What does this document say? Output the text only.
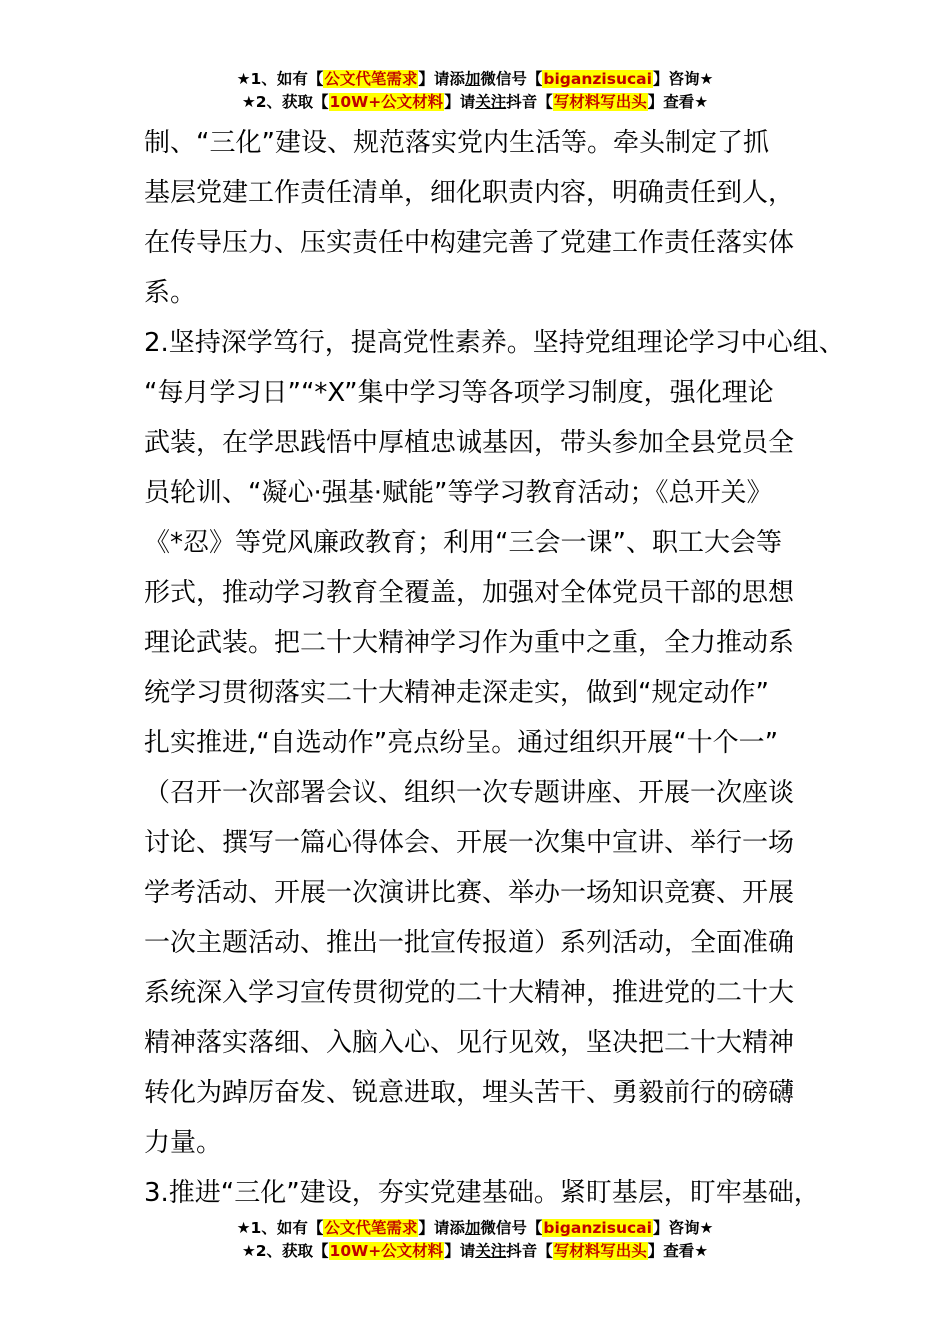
★1、如有【公文代笔需求】请添加微信号【biganzisucai】咨询★
★2、获取【10W+公文材料】请关注抖音【写材料写出头】查看★
制、“三化”建设、规范落实党内生活等。牵头制定了抓
基层党建工作责任清单，细化职责内容，明确责任到人，
在传导压力、压实责任中构建完善了党建工作责任落实体
系。
2.坚持深学笃行，提高党性素养。坚持党组理论学习中心组、
“每月学习日”“*X”集中学习等各项学习制度，强化理论
武装，在学思践悟中厚植忠诚基因，带头参加全县党员全
员轮训、“凝心·强基·赋能”等学习教育活动；《总开关》
《*忍》等党风廉政教育；利用“三会一课”、职工大会等
形式，推动学习教育全覆盖，加强对全体党员干部的思想
理论武装。把二十大精神学习作为重中之重，全力推动系
统学习贯彻落实二十大精神走深走实，做到“规定动作”
扎实推进,“自选动作”亮点纷呈。通过组织开展“十个一”
（召开一次部署会议、组织一次专题讲座、开展一次座谈
讨论、撰写一篇心得体会、开展一次集中宣讲、举行一场
学考活动、开展一次演讲比赛、举办一场知识竞赛、开展
一次主题活动、推出一批宣传报道）系列活动，全面准确
系统深入学习宣传贯彻党的二十大精神，推进党的二十大
精神落实落细、入脑入心、见行见效，坚决把二十大精神
转化为踔厉奋发、锐意进取，埋头苦干、勇毅前行的磅礴
力量。
3.推进“三化”建设，夯实党建基础。紧盯基层，盯牢基础，
★1、如有【公文代笔需求】请添加微信号【biganzisucai】咨询★
★2、获取【10W+公文材料】请关注抖音【写材料写出头】查看★
